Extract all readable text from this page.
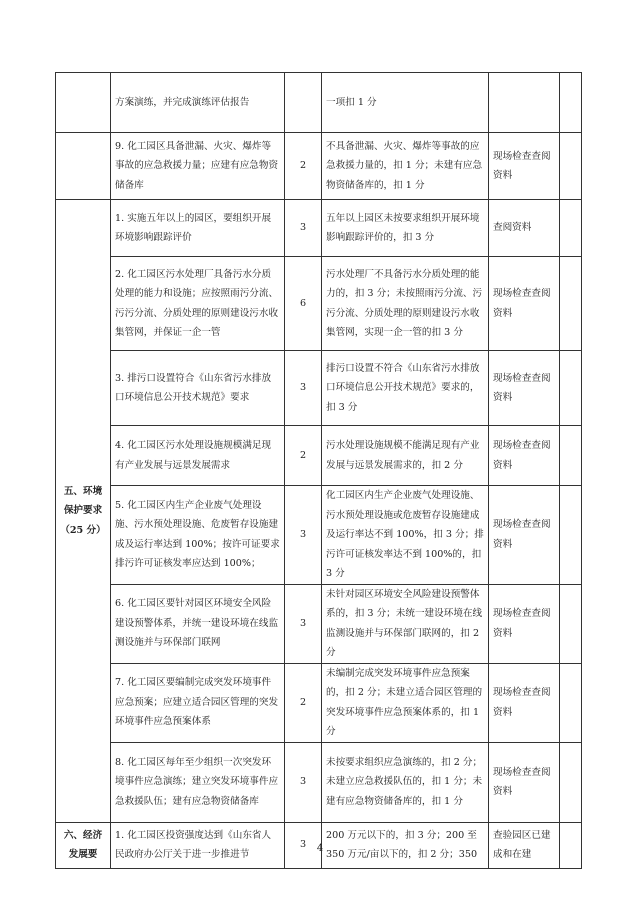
	方案演练，并完成演练评估报告		一项扣 1 分		
	9. 化工园区具备泄漏、火灾、爆炸等事故的应急救援力量；应建有应急物资储备库	2	不具备泄漏、火灾、爆炸等事故的应急救援力量的，扣 1 分；未建有应急物资储备库的，扣 1 分	现场检查查阅资料	
五、环境保护要求（25 分）	1. 实施五年以上的园区，要组织开展环境影响跟踪评价	3	五年以上园区未按要求组织开展环境影响跟踪评价的，扣 3 分	查阅资料	
	2. 化工园区污水处理厂具备污水分质处理的能力和设施；应按照雨污分流、污污分流、分质处理的原则建设污水收集管网，并保证一企一管	6	污水处理厂不具备污水分质处理的能力的，扣 3 分；未按照雨污分流、污污分流、分质处理的原则建设污水收集管网，实现一企一管的扣 3 分	现场检查查阅资料	
	3. 排污口设置符合《山东省污水排放口环境信息公开技术规范》要求	3	排污口设置不符合《山东省污水排放口环境信息公开技术规范》要求的，扣 3 分	现场检查查阅资料	
	4. 化工园区污水处理设施规模满足现有产业发展与远景发展需求	2	污水处理设施规模不能满足现有产业发展与远景发展需求的，扣 2 分	现场检查查阅资料	
	5. 化工园区内生产企业废气处理设施、污水预处理设施、危废暂存设施建成及运行率达到 100%；按许可证要求排污许可证核发率应达到 100%；	3	化工园区内生产企业废气处理设施、污水预处理设施或危废暂存设施建成及运行率达不到 100%，扣 3 分；排污许可证核发率达不到 100%的，扣 3 分	现场检查查阅资料	
	6. 化工园区要针对园区环境安全风险建设预警体系，并统一建设环境在线监测设施并与环保部门联网	3	未针对园区环境安全风险建设预警体系的，扣 3 分；未统一建设环境在线监测设施并与环保部门联网的，扣 2 分	现场检查查阅资料	
	7. 化工园区要编制完成突发环境事件应急预案；应建立适合园区管理的突发环境事件应急预案体系	2	未编制完成突发环境事件应急预案的，扣 2 分；未建立适合园区管理的突发环境事件应急预案体系的，扣 1 分	现场检查查阅资料	
	8. 化工园区每年至少组织一次突发环境事件应急演练；建立突发环境事件应急救援队伍；建有应急物资储备库	3	未按要求组织应急演练的，扣 2 分；未建立应急救援队伍的，扣 1 分；未建有应急物资储备库的，扣 1 分	现场检查查阅资料	
六、经济发展要	1. 化工园区投资强度达到《山东省人民政府办公厅关于进一步推进节	3	200 万元以下的，扣 3 分；200 至 350 万元/亩以下的，扣 2 分；350	查验园区已建成和在建	
4
